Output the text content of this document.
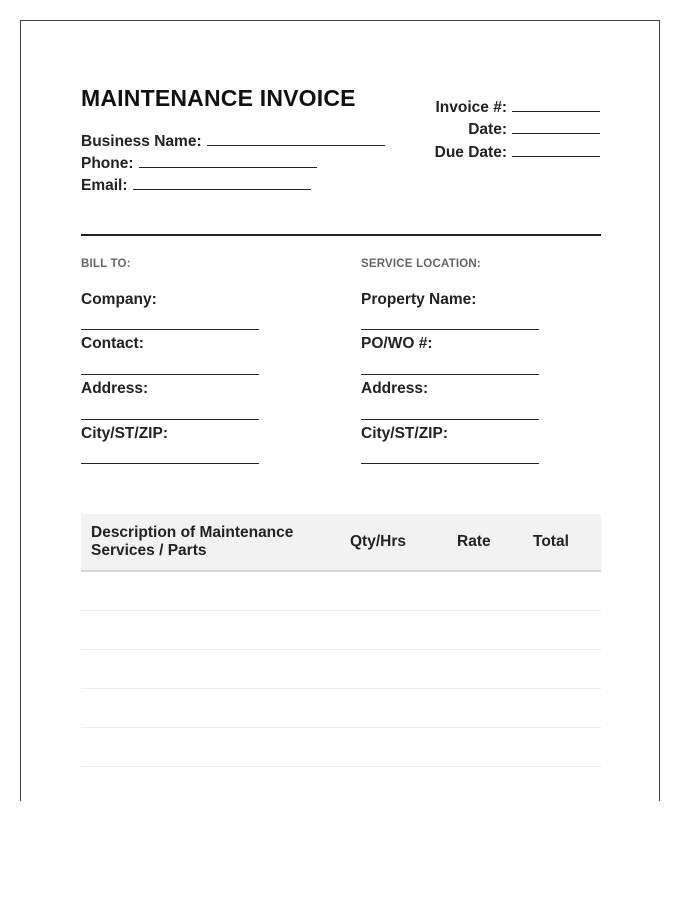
MAINTENANCE INVOICE
Business Name:
Phone:
Email:
Invoice #:
Date:
Due Date:
BILL TO:
Company:
Contact:
Address:
City/ST/ZIP:
SERVICE LOCATION:
Property Name:
PO/WO #:
Address:
City/ST/ZIP:
Description of Maintenance Services / Parts
Qty/Hrs	Rate	Total
